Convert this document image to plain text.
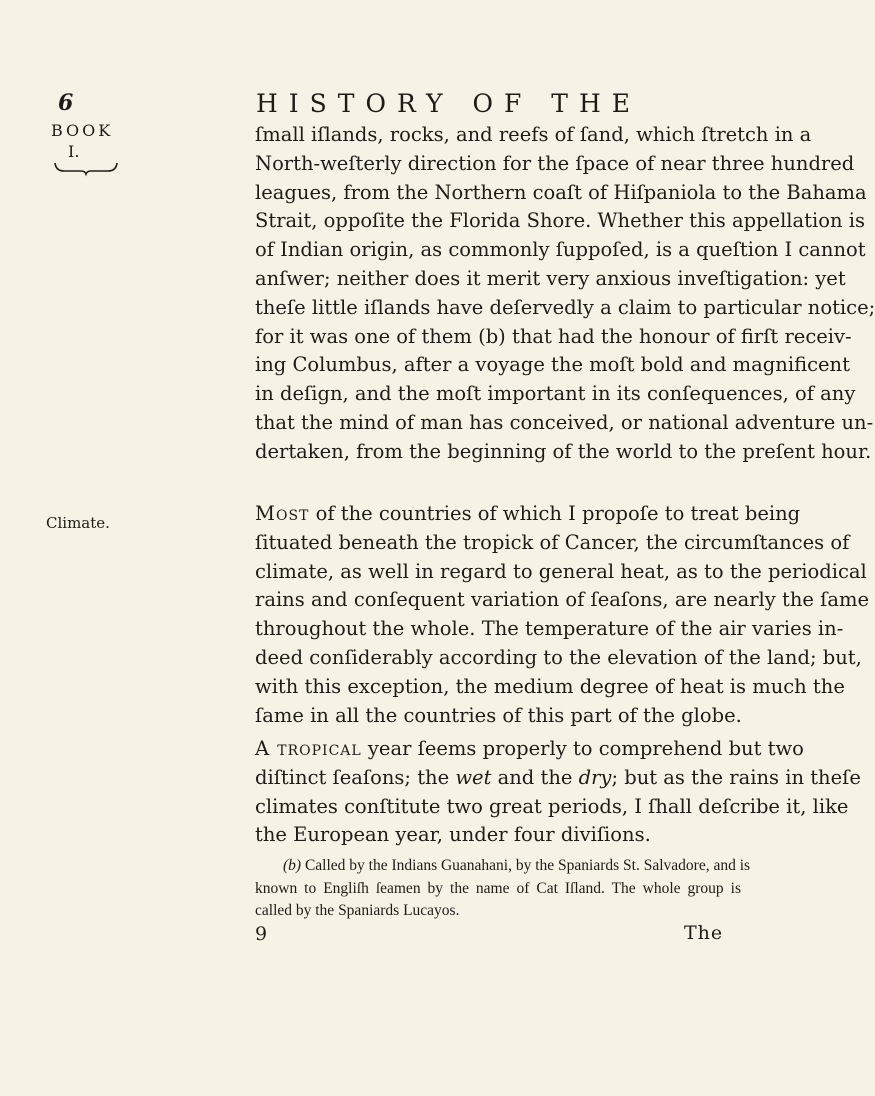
6	HISTORY OF THE
BOOK
I.
Climate.
ſmall iſlands, rocks, and reefs of ſand, which ſtretch in a
North-weſterly direction for the ſpace of near three hundred
leagues, from the Northern coaſt of Hiſpaniola to the Bahama
Strait, oppoſite the Florida Shore. Whether this appellation is
of Indian origin, as commonly ſuppoſed, is a queſtion I cannot
anſwer; neither does it merit very anxious inveſtigation: yet
theſe little iſlands have deſervedly a claim to particular notice;
for it was one of them (b) that had the honour of firſt receiv-
ing Columbus, after a voyage the moſt bold and magnificent
in deſign, and the moſt important in its conſequences, of any
that the mind of man has conceived, or national adventure un-
dertaken, from the beginning of the world to the preſent hour.
Most of the countries of which I propoſe to treat being
ſituated beneath the tropick of Cancer, the circumſtances of
climate, as well in regard to general heat, as to the periodical
rains and conſequent variation of ſeaſons, are nearly the ſame
throughout the whole. The temperature of the air varies in-
deed conſiderably according to the elevation of the land; but,
with this exception, the medium degree of heat is much the
ſame in all the countries of this part of the globe.
A tropical year ſeems properly to comprehend but two
diſtinct ſeaſons; the wet and the dry; but as the rains in theſe
climates conſtitute two great periods, I ſhall deſcribe it, like
the European year, under four diviſions.
(b) Called by the Indians Guanahani, by the Spaniards St. Salvadore, and is
known to Engliſh ſeamen by the name of Cat Iſland. The whole group is
called by the Spaniards Lucayos.
9	The
